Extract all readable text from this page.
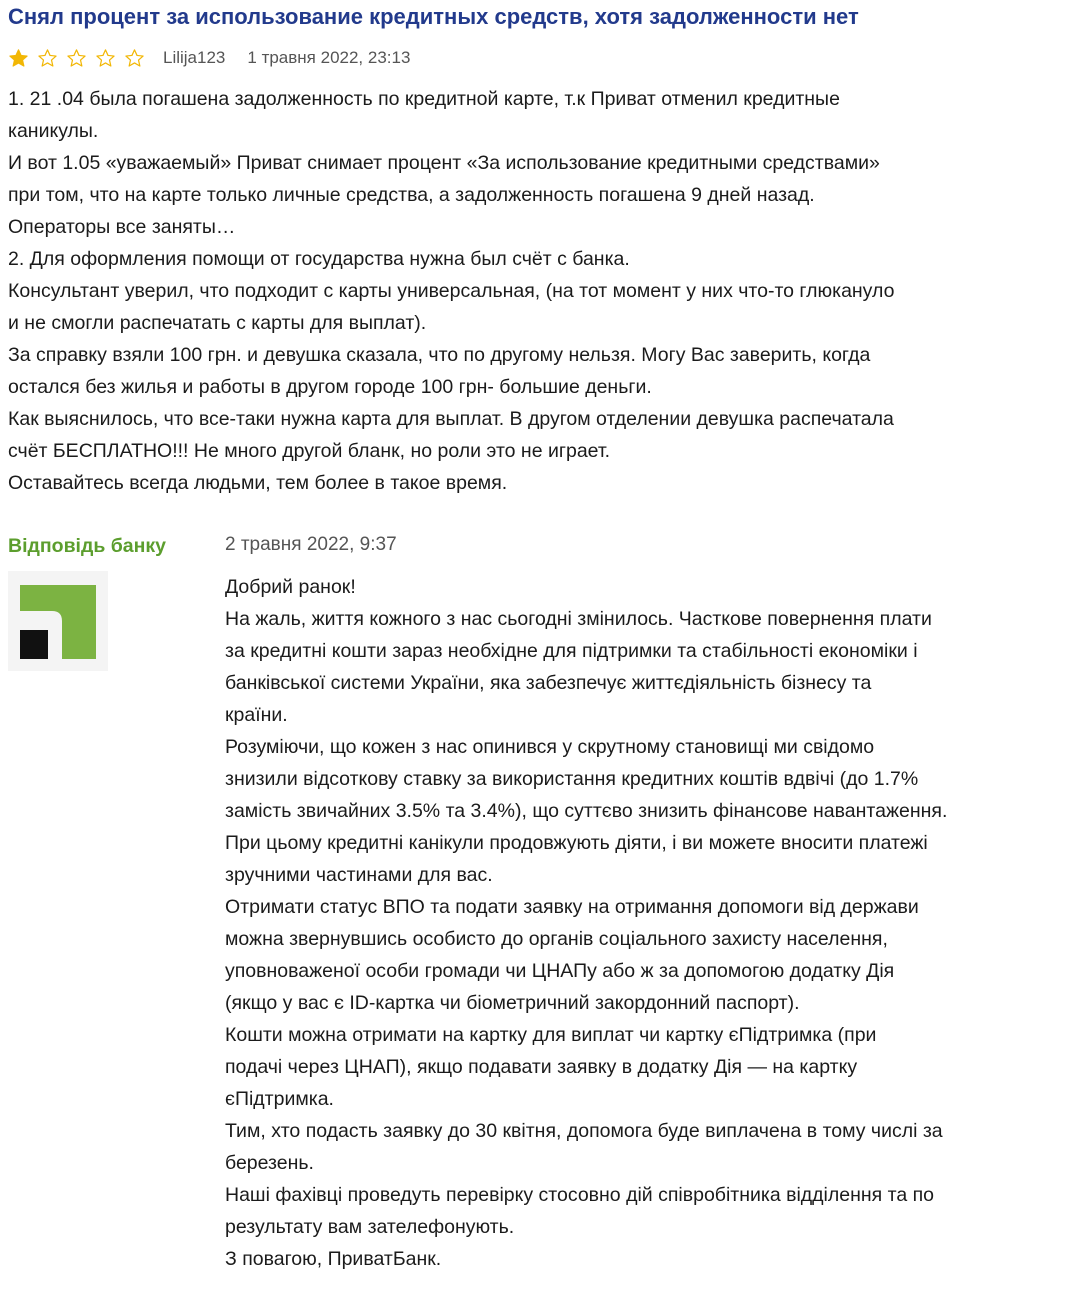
Снял процент за использование кредитных средств, хотя задолженности нет
Lilija123 1 травня 2022, 23:13
1. 21 .04 была погашена задолженность по кредитной карте, т.к Приват отменил кредитные
каникулы.
И вот 1.05 «уважаемый» Приват снимает процент «За использование кредитными средствами»
при том, что на карте только личные средства, а задолженность погашена 9 дней назад.
Операторы все заняты…
2. Для оформления помощи от государства нужна был счёт с банка.
Консультант уверил, что подходит с карты универсальная, (на тот момент у них что-то глюкануло
и не смогли распечатать с карты для выплат).
За справку взяли 100 грн. и девушка сказала, что по другому нельзя. Могу Вас заверить, когда
остался без жилья и работы в другом городе 100 грн- большие деньги.
Как выяснилось, что все-таки нужна карта для выплат. В другом отделении девушка распечатала
счёт БЕСПЛАТНО!!! Не много другой бланк, но роли это не играет.
Оставайтесь всегда людьми, тем более в такое время.
Відповідь банку	2 травня 2022, 9:37
Добрий ранок!
На жаль, життя кожного з нас сьогодні змінилось. Часткове повернення плати
за кредитні кошти зараз необхідне для підтримки та стабільності економіки і
банківської системи України, яка забезпечує життєдіяльність бізнесу та
країни.
Розуміючи, що кожен з нас опинився у скрутному становищі ми свідомо
знизили відсоткову ставку за використання кредитних коштів вдвічі (до 1.7%
замість звичайних 3.5% та 3.4%), що суттєво знизить фінансове навантаження.
При цьому кредитні канікули продовжують діяти, і ви можете вносити платежі
зручними частинами для вас.
Отримати статус ВПО та подати заявку на отримання допомоги від держави
можна звернувшись особисто до органів соціального захисту населення,
уповноваженої особи громади чи ЦНАПу або ж за допомогою додатку Дія
(якщо у вас є ID-картка чи біометричний закордонний паспорт).
Кошти можна отримати на картку для виплат чи картку єПідтримка (при
подачі через ЦНАП), якщо подавати заявку в додатку Дія — на картку
єПідтримка.
Тим, хто подасть заявку до 30 квітня, допомога буде виплачена в тому числі за
березень.
Наші фахівці проведуть перевірку стосовно дій співробітника відділення та по
результату вам зателефонують.
З повагою, ПриватБанк.
